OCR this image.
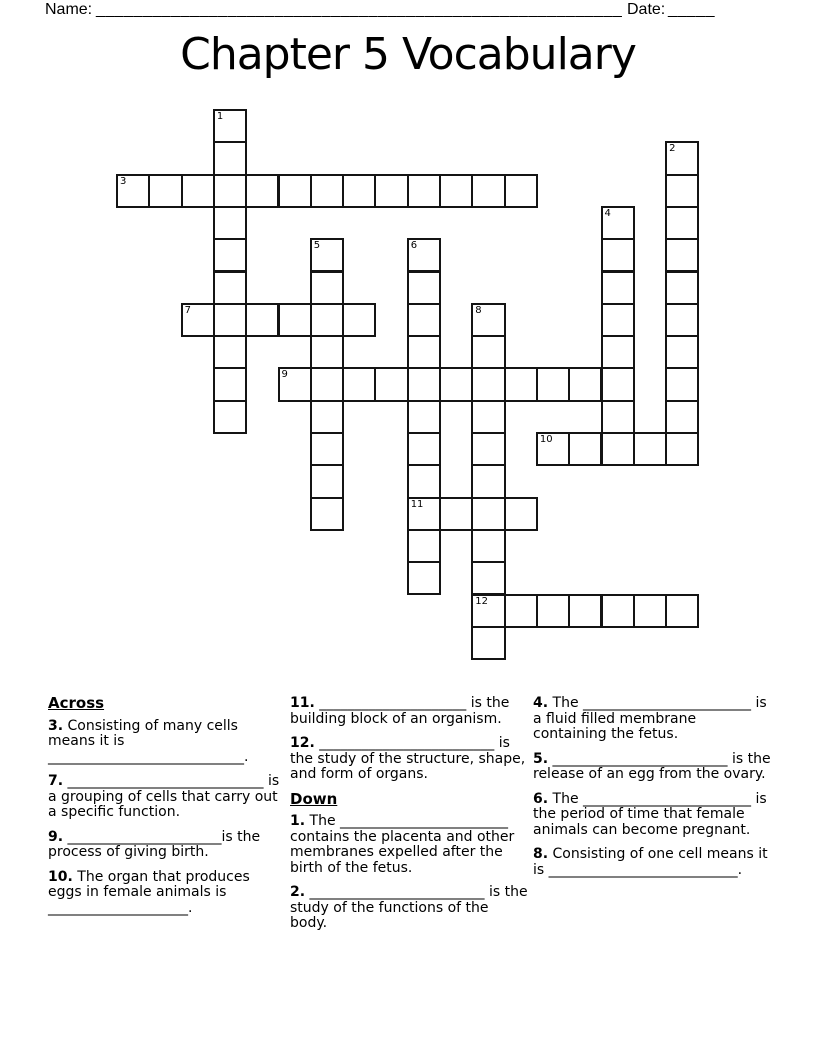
Name: ________________________________________________________ Date: _____
Chapter 5 Vocabulary
1
2
3
4
5	6
11
7	8
12
9
10
Across
3. Consisting of many cells means it is ____________________________.
7. ____________________________ is a grouping of cells that carry out a specific function.
9. ______________________is the process of giving birth.
10. The organ that produces eggs in female animals is ____________________.
11. _____________________ is the building block of an organism.
12. _________________________ is the study of the structure, shape, and form of organs.
Down
1. The ________________________ contains the placenta and other membranes expelled after the birth of the fetus.
2. _________________________ is the study of the functions of the body.
4. The ________________________ is a fluid filled membrane containing the fetus.
5. _________________________ is the release of an egg from the ovary.
6. The ________________________ is the period of time that female animals can become pregnant.
8. Consisting of one cell means it is ___________________________.
